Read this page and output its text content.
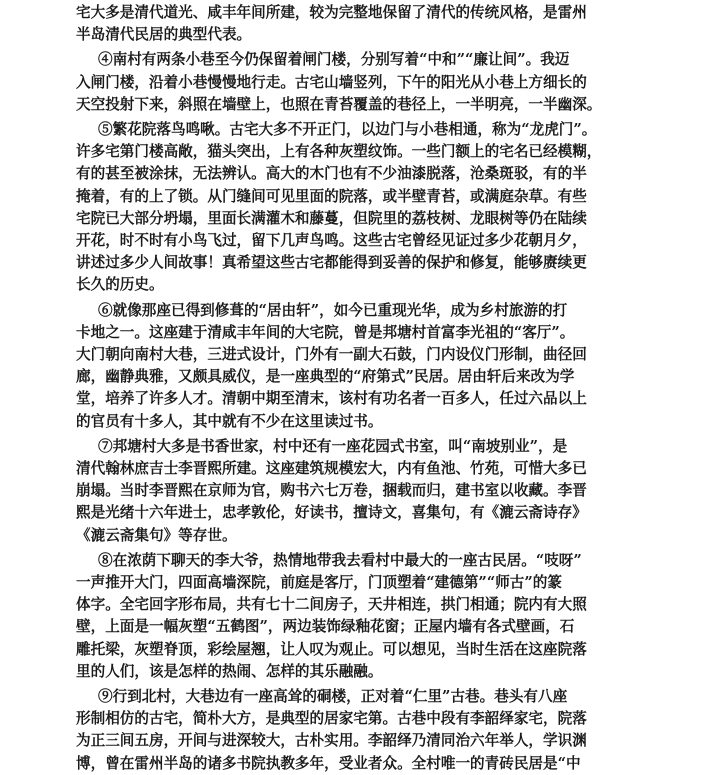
宅大多是清代道光、咸丰年间所建，较为完整地保留了清代的传统风格，是雷州
半岛清代民居的典型代表。
④南村有两条小巷至今仍保留着闸门楼，分别写着“中和”“廉让间”。我迈
入闸门楼，沿着小巷慢慢地行走。古宅山墙竖列，下午的阳光从小巷上方细长的
天空投射下来，斜照在墙壁上，也照在青苔覆盖的巷径上，一半明亮，一半幽深。
⑤繁花院落鸟鸣啾。古宅大多不开正门，以边门与小巷相通，称为“龙虎门”。
许多宅第门楼高敞，猫头突出，上有各种灰塑纹饰。一些门额上的宅名已经模糊，
有的甚至被涂抹，无法辨认。高大的木门也有不少油漆脱落，沧桑斑驳，有的半
掩着，有的上了锁。从门缝间可见里面的院落，或半壁青苔，或满庭杂草。有些
宅院已大部分坍塌，里面长满灌木和藤蔓，但院里的荔枝树、龙眼树等仍在陆续
开花，时不时有小鸟飞过，留下几声鸟鸣。这些古宅曾经见证过多少花朝月夕，
讲述过多少人间故事！真希望这些古宅都能得到妥善的保护和修复，能够赓续更
长久的历史。
⑥就像那座已得到修葺的“居由轩”，如今已重现光华，成为乡村旅游的打
卡地之一。这座建于清咸丰年间的大宅院，曾是邦塘村首富李光祖的“客厅”。
大门朝向南村大巷，三进式设计，门外有一副大石鼓，门内设仪门形制，曲径回
廊，幽静典雅，又颇具威仪，是一座典型的“府第式”民居。居由轩后来改为学
堂，培养了许多人才。清朝中期至清末，该村有功名者一百多人，任过六品以上
的官员有十多人，其中就有不少在这里读过书。
⑦邦塘村大多是书香世家，村中还有一座花园式书室，叫“南坡别业”，是
清代翰林庶吉士李晋熙所建。这座建筑规模宏大，内有鱼池、竹苑，可惜大多已
崩塌。当时李晋熙在京师为官，购书六七万卷，捆载而归，建书室以收藏。李晋
熙是光绪十六年进士，忠孝敦伦，好读书，擅诗文，喜集句，有《漉云斋诗存》
《漉云斋集句》等存世。
⑧在浓荫下聊天的李大爷，热情地带我去看村中最大的一座古民居。“吱呀”
一声推开大门，四面高墙深院，前庭是客厅，门顶塑着“建德第”“师古”的篆
体字。全宅回字形布局，共有七十二间房子，天井相连，拱门相通；院内有大照
壁，上面是一幅灰塑“五鹤图”，两边装饰绿釉花窗；正屋内墙有各式壁画，石
雕托梁，灰塑脊顶，彩绘屋翘，让人叹为观止。可以想见，当时生活在这座院落
里的人们，该是怎样的热闹、怎样的其乐融融。
⑨行到北村，大巷边有一座高耸的硐楼，正对着“仁里”古巷。巷头有八座
形制相仿的古宅，简朴大方，是典型的居家宅第。古巷中段有李韶绎家宅，院落
为正三间五房，开间与进深较大，古朴实用。李韶绎乃清同治六年举人，学识渊
博，曾在雷州半岛的诸多书院执教多年，受业者众。全村唯一的青砖民居是“中
